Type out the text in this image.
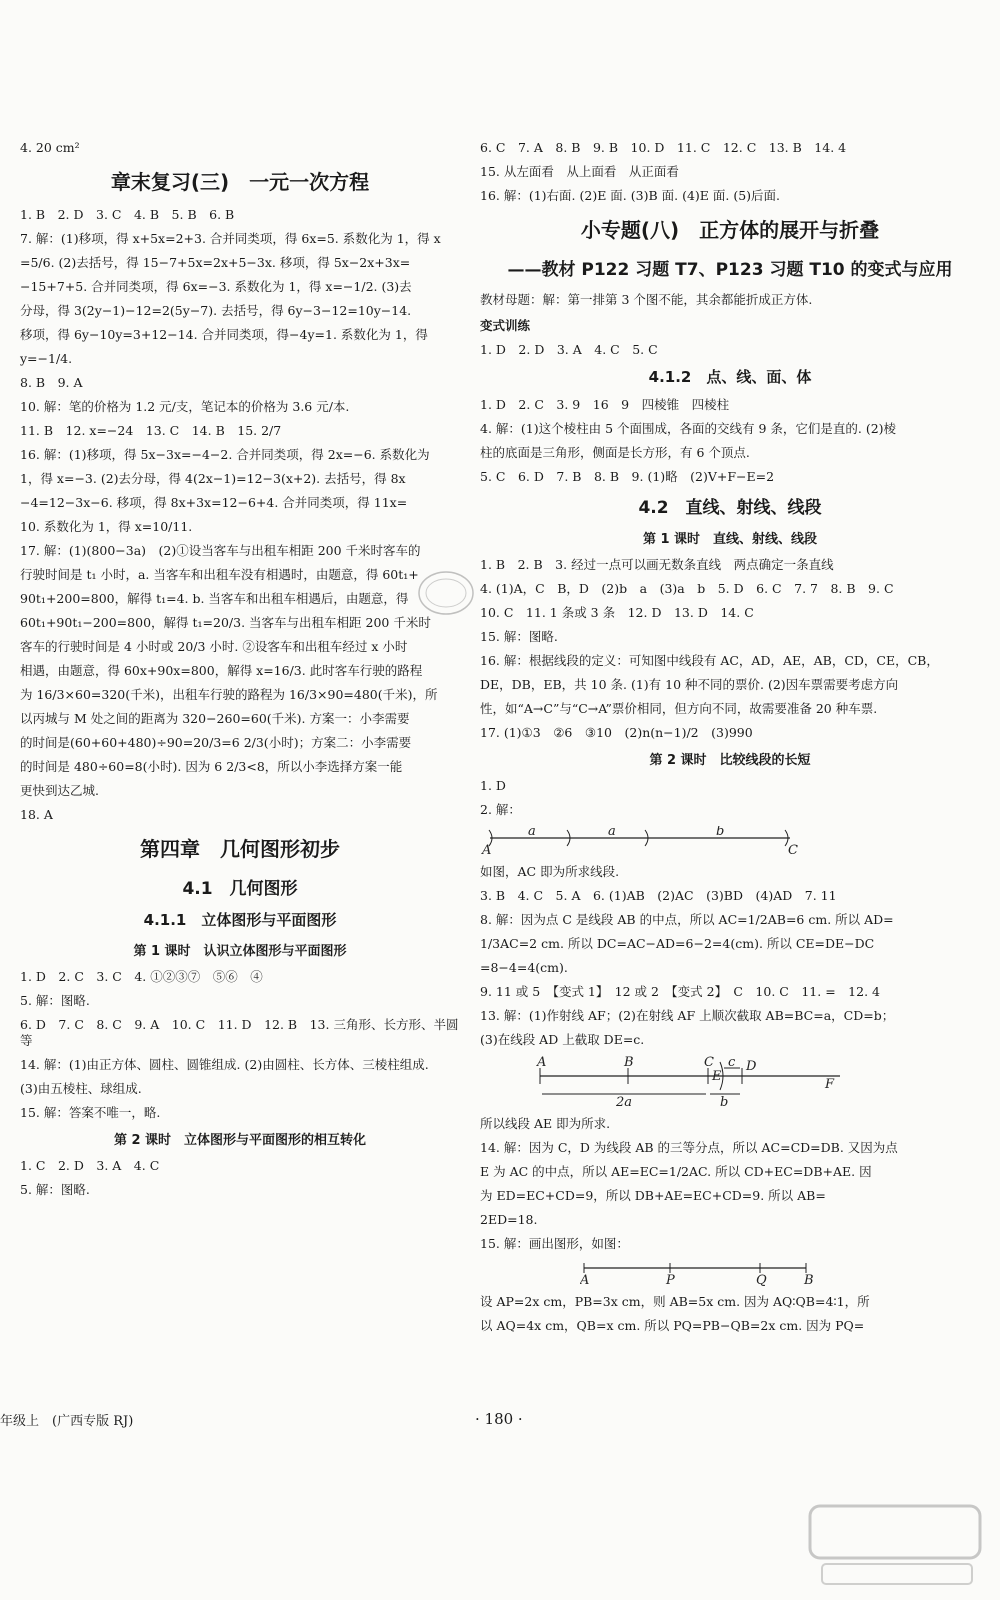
4. 20 cm²
章末复习(三)　一元一次方程
1. B　2. D　3. C　4. B　5. B　6. B
7. 解：(1)移项，得 x+5x=2+3. 合并同类项，得 6x=5. 系数化为 1，得 x
=5/6. (2)去括号，得 15−7+5x=2x+5−3x. 移项，得 5x−2x+3x=
−15+7+5. 合并同类项，得 6x=−3. 系数化为 1，得 x=−1/2. (3)去
分母，得 3(2y−1)−12=2(5y−7). 去括号，得 6y−3−12=10y−14.
移项，得 6y−10y=3+12−14. 合并同类项，得−4y=1. 系数化为 1，得
y=−1/4.
8. B　9. A
10. 解：笔的价格为 1.2 元/支，笔记本的价格为 3.6 元/本.
11. B　12. x=−24　13. C　14. B　15. 2/7
16. 解：(1)移项，得 5x−3x=−4−2. 合并同类项，得 2x=−6. 系数化为
1，得 x=−3. (2)去分母，得 4(2x−1)=12−3(x+2). 去括号，得 8x
−4=12−3x−6. 移项，得 8x+3x=12−6+4. 合并同类项，得 11x=
10. 系数化为 1，得 x=10/11.
17. 解：(1)(800−3a)　(2)①设当客车与出租车相距 200 千米时客车的
行驶时间是 t₁ 小时，a. 当客车和出租车没有相遇时，由题意，得 60t₁+
90t₁+200=800，解得 t₁=4. b. 当客车和出租车相遇后，由题意，得
60t₁+90t₁−200=800，解得 t₁=20/3. 当客车与出租车相距 200 千米时
客车的行驶时间是 4 小时或 20/3 小时. ②设客车和出租车经过 x 小时
相遇，由题意，得 60x+90x=800，解得 x=16/3. 此时客车行驶的路程
为 16/3×60=320(千米)，出租车行驶的路程为 16/3×90=480(千米)，所
以丙城与 M 处之间的距离为 320−260=60(千米). 方案一：小李需要
的时间是(60+60+480)÷90=20/3=6 2/3(小时)；方案二：小李需要
的时间是 480÷60=8(小时). 因为 6 2/3<8，所以小李选择方案一能
更快到达乙城.
18. A
第四章　几何图形初步
4.1　几何图形
4.1.1　立体图形与平面图形
第 1 课时　认识立体图形与平面图形
1. D　2. C　3. C　4. ①②③⑦　⑤⑥　④
5. 解：图略.
6. D　7. C　8. C　9. A　10. C　11. D　12. B　13. 三角形、长方形、半圆等
14. 解：(1)由正方体、圆柱、圆锥组成. (2)由圆柱、长方体、三棱柱组成.
(3)由五棱柱、球组成.
15. 解：答案不唯一，略.
第 2 课时　立体图形与平面图形的相互转化
1. C　2. D　3. A　4. C
5. 解：图略.
6. C　7. A　8. B　9. B　10. D　11. C　12. C　13. B　14. 4
15. 从左面看　从上面看　从正面看
16. 解：(1)右面. (2)E 面. (3)B 面. (4)E 面. (5)后面.
小专题(八)　正方体的展开与折叠
——教材 P122 习题 T7、P123 习题 T10 的变式与应用
教材母题：解：第一排第 3 个图不能，其余都能折成正方体.
变式训练
1. D　2. D　3. A　4. C　5. C
4.1.2　点、线、面、体
1. D　2. C　3. 9　16　9　四棱锥　四棱柱
4. 解：(1)这个棱柱由 5 个面围成，各面的交线有 9 条，它们是直的. (2)棱
柱的底面是三角形，侧面是长方形，有 6 个顶点.
5. C　6. D　7. B　8. B　9. (1)略　(2)V+F−E=2
4.2　直线、射线、线段
第 1 课时　直线、射线、线段
1. B　2. B　3. 经过一点可以画无数条直线　两点确定一条直线
4. (1)A，C　B，D　(2)b　a　(3)a　b　5. D　6. C　7. 7　8. B　9. C
10. C　11. 1 条或 3 条　12. D　13. D　14. C
15. 解：图略.
16. 解：根据线段的定义：可知图中线段有 AC，AD，AE，AB，CD，CE，CB，
DE，DB，EB，共 10 条. (1)有 10 种不同的票价. (2)因车票需要考虑方向
性，如“A→C”与“C→A”票价相同，但方向不同，故需要准备 20 种车票.
17. (1)①3　②6　③10　(2)n(n−1)/2　(3)990
第 2 课时　比较线段的长短
1. D
2. 解：
a	a	b
A	C
如图，AC 即为所求线段.
3. B　4. C　5. A　6. (1)AB　(2)AC　(3)BD　(4)AD　7. 11
8. 解：因为点 C 是线段 AB 的中点，所以 AC=1/2AB=6 cm. 所以 AD=
1/3AC=2 cm. 所以 DC=AC−AD=6−2=4(cm). 所以 CE=DE−DC
=8−4=4(cm).
9. 11 或 5　【变式 1】　12 或 2　【变式 2】　C　10. C　11. =　12. 4
13. 解：(1)作射线 AF；(2)在射线 AF 上顺次截取 AB=BC=a，CD=b；
(3)在线段 AD 上截取 DE=c.
A	B	C
E
D
F
2a	b
c
所以线段 AE 即为所求.
14. 解：因为 C，D 为线段 AB 的三等分点，所以 AC=CD=DB. 又因为点
E 为 AC 的中点，所以 AE=EC=1/2AC. 所以 CD+EC=DB+AE. 因
为 ED=EC+CD=9，所以 DB+AE=EC+CD=9. 所以 AB=
2ED=18.
15. 解：画出图形，如图：
A	P	Q	B
设 AP=2x cm，PB=3x cm，则 AB=5x cm. 因为 AQ∶QB=4∶1，所
以 AQ=4x cm，QB=x cm. 所以 PQ=PB−QB=2x cm. 因为 PQ=
年级上　(广西专版 RJ)	· 180 ·
